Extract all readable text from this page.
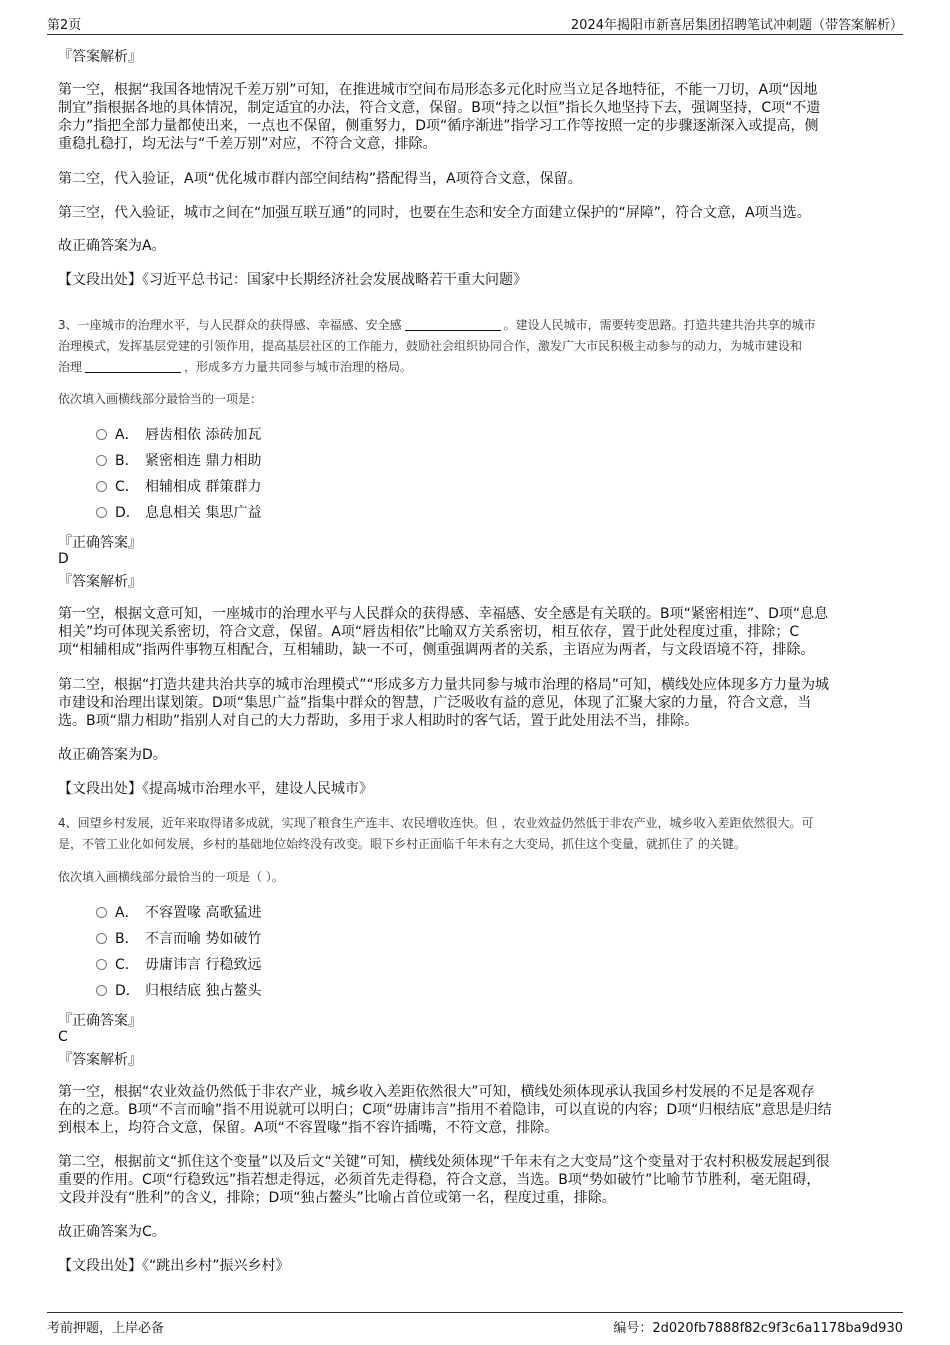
第2页	2024年揭阳市新喜居集团招聘笔试冲刺题（带答案解析）
『答案解析』
第一空，根据“我国各地情况千差万别”可知，在推进城市空间布局形态多元化时应当立足各地特征，不能一刀切，A项“因地
制宜”指根据各地的具体情况，制定适宜的办法，符合文意，保留。B项“持之以恒”指长久地坚持下去，强调坚持，C项“不遗
余力”指把全部力量都使出来，一点也不保留，侧重努力，D项“循序渐进”指学习工作等按照一定的步骤逐渐深入或提高，侧
重稳扎稳打，均无法与“千差万别”对应，不符合文意，排除。
第二空，代入验证，A项“优化城市群内部空间结构”搭配得当，A项符合文意，保留。
第三空，代入验证，城市之间在“加强互联互通”的同时，也要在生态和安全方面建立保护的“屏障”，符合文意，A项当选。
故正确答案为A。
【文段出处】《习近平总书记：国家中长期经济社会发展战略若干重大问题》
3、一座城市的治理水平，与人民群众的获得感、幸福感、安全感	。建设人民城市，需要转变思路。打造共建共治共享的城市
治理模式，发挥基层党建的引领作用，提高基层社区的工作能力，鼓励社会组织协同合作，激发广大市民积极主动参与的动力，为城市建设和
治理	，形成多方力量共同参与城市治理的格局。
依次填入画横线部分最恰当的一项是：
A． 唇齿相依 添砖加瓦
B． 紧密相连 鼎力相助
C． 相辅相成 群策群力
D． 息息相关 集思广益
『正确答案』
D
『答案解析』
第一空，根据文意可知，一座城市的治理水平与人民群众的获得感、幸福感、安全感是有关联的。B项“紧密相连”、D项“息息
相关”均可体现关系密切，符合文意，保留。A项“唇齿相依”比喻双方关系密切，相互依存，置于此处程度过重，排除；C
项“相辅相成”指两件事物互相配合，互相辅助，缺一不可，侧重强调两者的关系，主语应为两者，与文段语境不符，排除。
第二空，根据“打造共建共治共享的城市治理模式”“形成多方力量共同参与城市治理的格局”可知，横线处应体现多方力量为城
市建设和治理出谋划策。D项“集思广益”指集中群众的智慧，广泛吸收有益的意见，体现了汇聚大家的力量，符合文意，当
选。B项“鼎力相助”指别人对自己的大力帮助，多用于求人相助时的客气话，置于此处用法不当，排除。
故正确答案为D。
【文段出处】《提高城市治理水平，建设人民城市》
4、回望乡村发展，近年来取得诸多成就，实现了粮食生产连丰、农民增收连快。但 ，农业效益仍然低于非农产业，城乡收入差距依然很大。可
是，不管工业化如何发展，乡村的基础地位始终没有改变。眼下乡村正面临千年未有之大变局，抓住这个变量，就抓住了 的关键。
依次填入画横线部分最恰当的一项是（ ）。
A． 不容置喙 高歌猛进
B． 不言而喻 势如破竹
C． 毋庸讳言 行稳致远
D． 归根结底 独占鳌头
『正确答案』
C
『答案解析』
第一空，根据“农业效益仍然低于非农产业，城乡收入差距依然很大”可知，横线处须体现承认我国乡村发展的不足是客观存
在的之意。B项“不言而喻”指不用说就可以明白；C项“毋庸讳言”指用不着隐讳，可以直说的内容；D项“归根结底”意思是归结
到根本上，均符合文意，保留。A项“不容置喙”指不容许插嘴，不符文意，排除。
第二空，根据前文“抓住这个变量”以及后文“关键”可知，横线处须体现“千年未有之大变局”这个变量对于农村积极发展起到很
重要的作用。C项“行稳致远”指若想走得远，必须首先走得稳，符合文意，当选。B项“势如破竹”比喻节节胜利，毫无阻碍，
文段并没有“胜利”的含义，排除；D项“独占鳌头”比喻占首位或第一名，程度过重，排除。
故正确答案为C。
【文段出处】《“跳出乡村”振兴乡村》
考前押题，上岸必备	编号：2d020fb7888f82c9f3c6a1178ba9d930
